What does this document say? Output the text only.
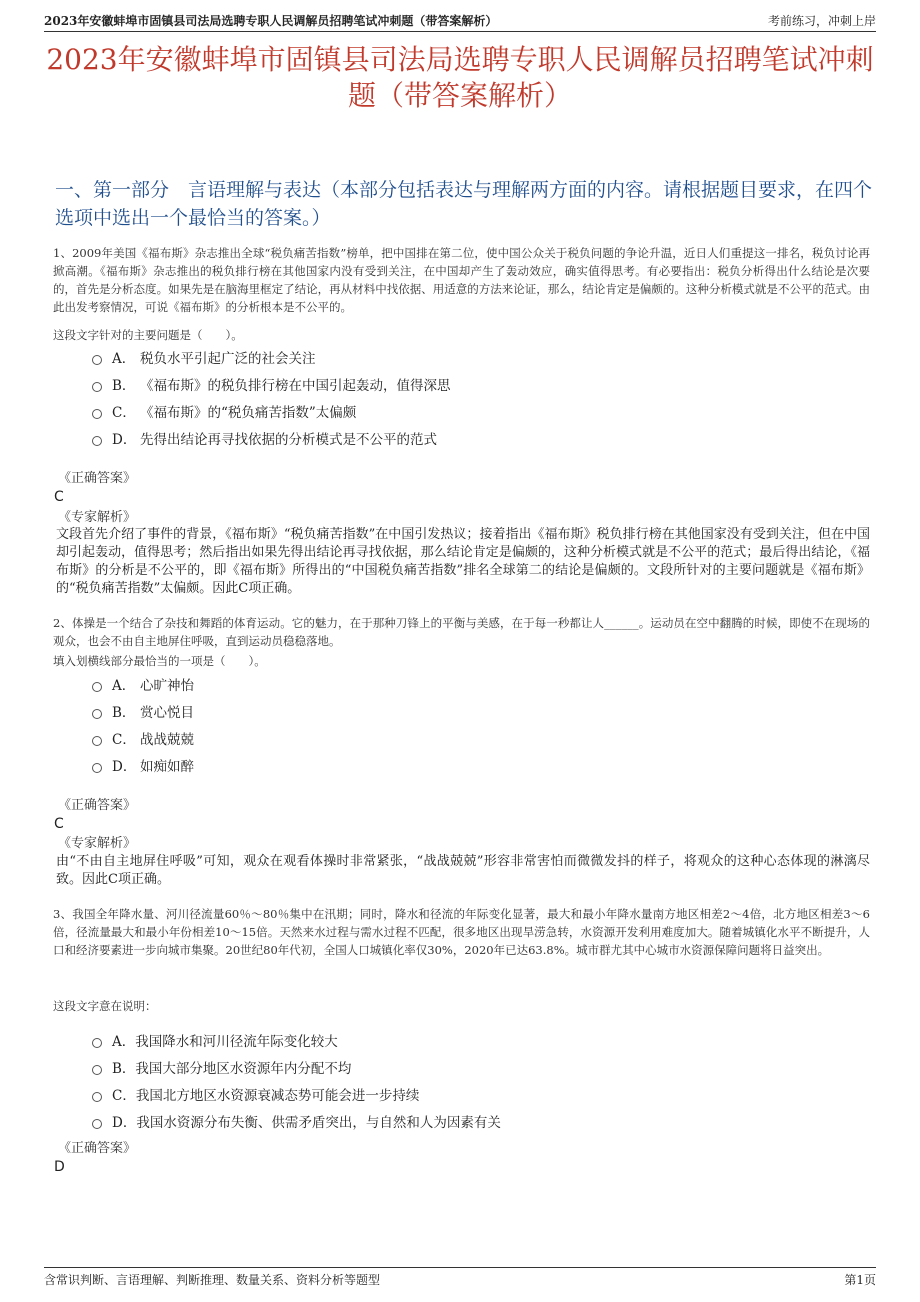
2023年安徽蚌埠市固镇县司法局选聘专职人民调解员招聘笔试冲刺题（带答案解析）	考前练习，冲刺上岸
2023年安徽蚌埠市固镇县司法局选聘专职人民调解员招聘笔试冲刺题（带答案解析）
一、第一部分　言语理解与表达（本部分包括表达与理解两方面的内容。请根据题目要求，在四个选项中选出一个最恰当的答案。）
1、2009年美国《福布斯》杂志推出全球“税负痛苦指数”榜单，把中国排在第二位，使中国公众关于税负问题的争论升温，近日人们重提这一排名，税负讨论再掀高潮。《福布斯》杂志推出的税负排行榜在其他国家内没有受到关注，在中国却产生了轰动效应，确实值得思考。有必要指出：税负分析得出什么结论是次要的，首先是分析态度。如果先是在脑海里框定了结论，再从材料中找依据、用适意的方法来论证，那么，结论肯定是偏颇的。这种分析模式就是不公平的范式。由此出发考察情况，可说《福布斯》的分析根本是不公平的。
这段文字针对的主要问题是（　　）。
A． 税负水平引起广泛的社会关注
B． 《福布斯》的税负排行榜在中国引起轰动，值得深思
C． 《福布斯》的“税负痛苦指数”太偏颇
D． 先得出结论再寻找依据的分析模式是不公平的范式
《正确答案》
C
《专家解析》
文段首先介绍了事件的背景，《福布斯》“税负痛苦指数”在中国引发热议；接着指出《福布斯》税负排行榜在其他国家没有受到关注，但在中国却引起轰动，值得思考；然后指出如果先得出结论再寻找依据，那么结论肯定是偏颇的，这种分析模式就是不公平的范式；最后得出结论，《福布斯》的分析是不公平的，即《福布斯》所得出的“中国税负痛苦指数”排名全球第二的结论是偏颇的。文段所针对的主要问题就是《福布斯》的“税负痛苦指数”太偏颇。因此C项正确。
2、体操是一个结合了杂技和舞蹈的体育运动。它的魅力，在于那种刀锋上的平衡与美感，在于每一秒都让人______。运动员在空中翻腾的时候，即使不在现场的观众，也会不由自主地屏住呼吸，直到运动员稳稳落地。
填入划横线部分最恰当的一项是（　　）。
A． 心旷神怡
B． 赏心悦目
C． 战战兢兢
D． 如痴如醉
《正确答案》
C
《专家解析》
由“不由自主地屏住呼吸”可知，观众在观看体操时非常紧张，“战战兢兢”形容非常害怕而微微发抖的样子，将观众的这种心态体现的淋漓尽致。因此C项正确。
3、我国全年降水量、河川径流量60％～80％集中在汛期；同时，降水和径流的年际变化显著，最大和最小年降水量南方地区相差2～4倍，北方地区相差3～6倍，径流量最大和最小年份相差10～15倍。天然来水过程与需水过程不匹配，很多地区出现旱涝急转，水资源开发利用难度加大。随着城镇化水平不断提升，人口和经济要素进一步向城市集聚。20世纪80年代初，全国人口城镇化率仅30%，2020年已达63.8%。城市群尤其中心城市水资源保障问题将日益突出。
这段文字意在说明：
A． 我国降水和河川径流年际变化较大
B． 我国大部分地区水资源年内分配不均
C． 我国北方地区水资源衰减态势可能会进一步持续
D． 我国水资源分布失衡、供需矛盾突出，与自然和人为因素有关
《正确答案》
D
含常识判断、言语理解、判断推理、数量关系、资料分析等题型	第1页
